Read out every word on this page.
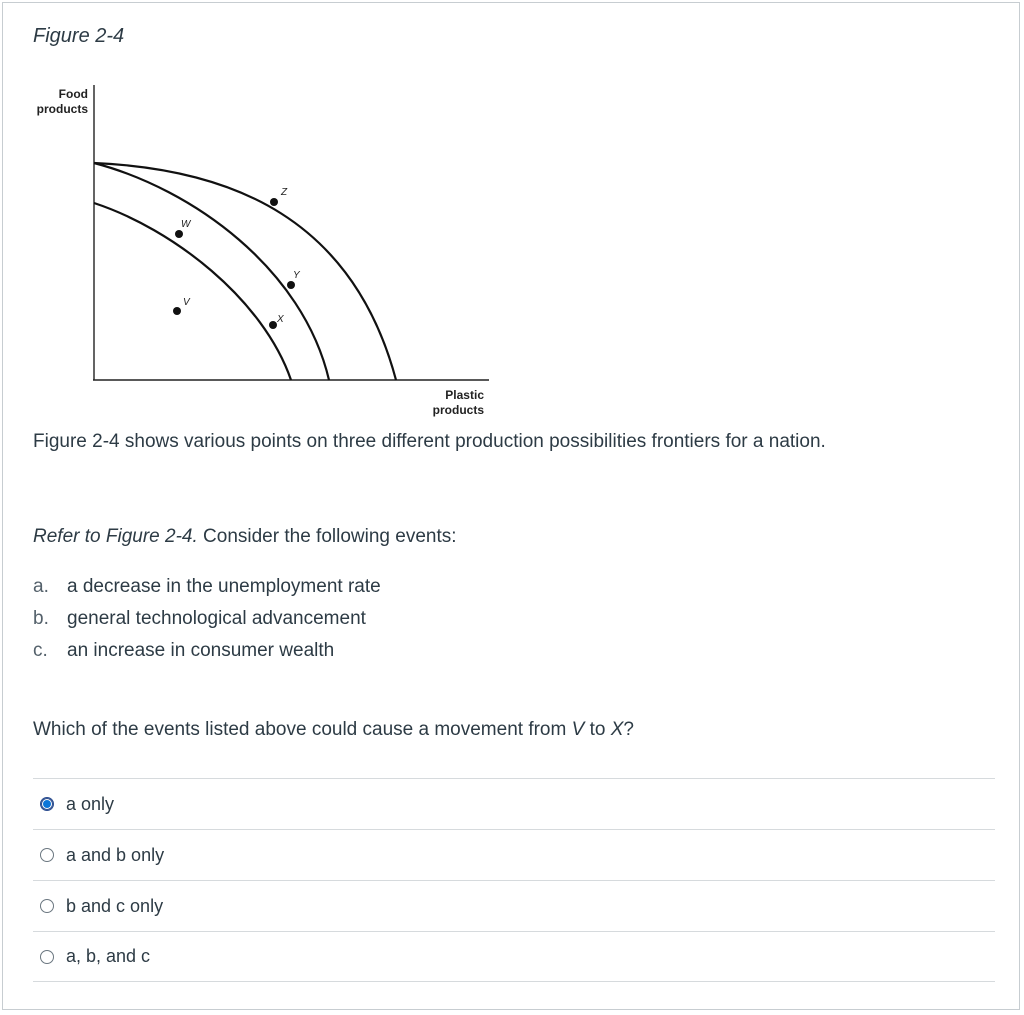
Figure 2-4
Food
products
Plastic
products
W
V
X
Y
Z
Figure 2-4 shows various points on three different production possibilities frontiers for a nation.
Refer to Figure 2-4. Consider the following events:
a. a decrease in the unemployment rate
b. general technological advancement
c. an increase in consumer wealth
Which of the events listed above could cause a movement from V to X?
a only
a and b only
b and c only
a, b, and c
